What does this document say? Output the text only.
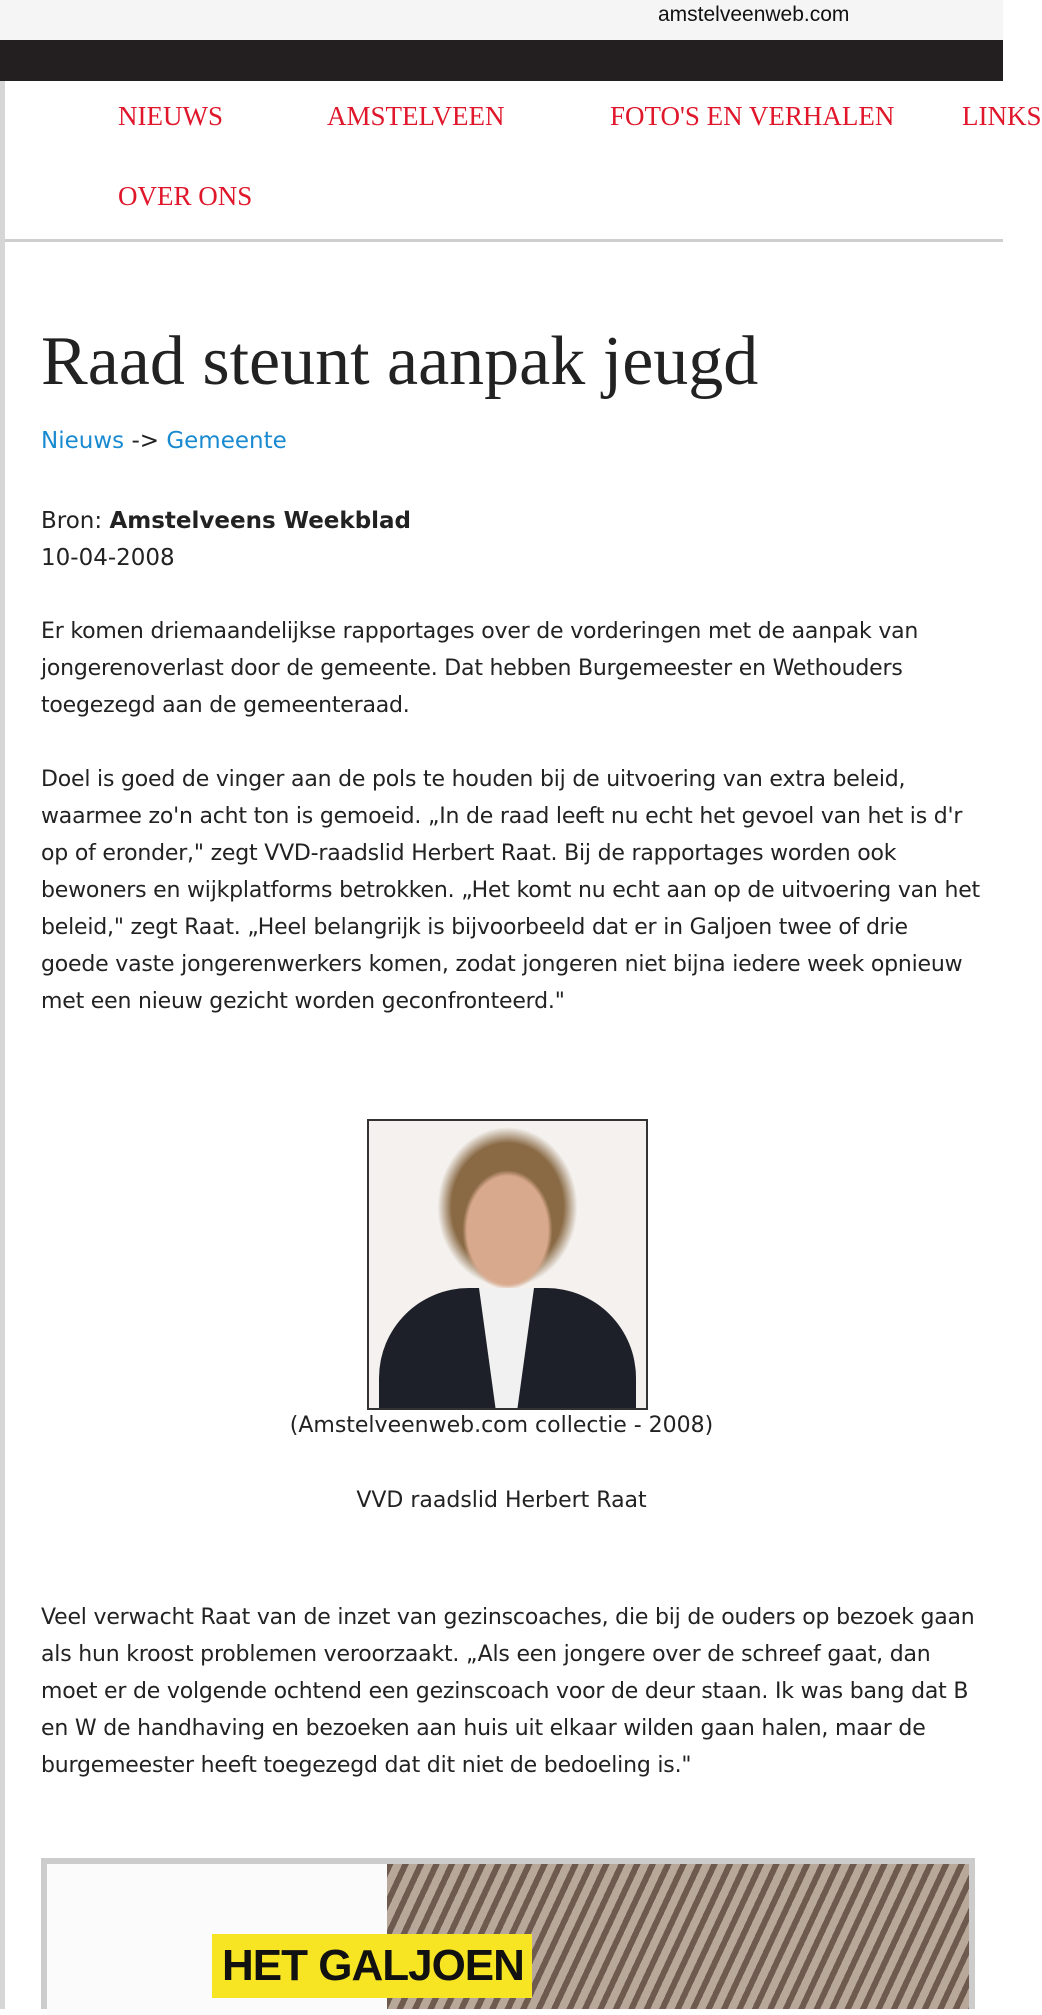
amstelveenweb.com
NIEUWS	AMSTELVEEN	FOTO'S EN VERHALEN	LINKS
OVER ONS
Raad steunt aanpak jeugd
Nieuws -> Gemeente
Bron: Amstelveens Weekblad
10-04-2008

Er komen driemaandelijkse rapportages over de vorderingen met de aanpak van jongerenoverlast door de gemeente. Dat hebben Burgemeester en Wethouders toegezegd aan de gemeenteraad.

Doel is goed de vinger aan de pols te houden bij de uitvoering van extra beleid, waarmee zo'n acht ton is gemoeid. „In de raad leeft nu echt het gevoel van het is d'r op of eronder," zegt VVD-raadslid Herbert Raat. Bij de rapportages worden ook bewoners en wijkplatforms betrokken. „Het komt nu echt aan op de uitvoering van het beleid," zegt Raat. „Heel belangrijk is bijvoorbeeld dat er in Galjoen twee of drie goede vaste jongerenwerkers komen, zodat jongeren niet bijna iedere week opnieuw met een nieuw gezicht worden geconfronteerd."

(Amstelveenweb.com collectie - 2008)
VVD raadslid Herbert Raat

Veel verwacht Raat van de inzet van gezinscoaches, die bij de ouders op bezoek gaan als hun kroost problemen veroorzaakt. „Als een jongere over de schreef gaat, dan moet er de volgende ochtend een gezinscoach voor de deur staan. Ik was bang dat B en W de handhaving en bezoeken aan huis uit elkaar wilden gaan halen, maar de burgemeester heeft toegezegd dat dit niet de bedoeling is."

HET GALJOEN
